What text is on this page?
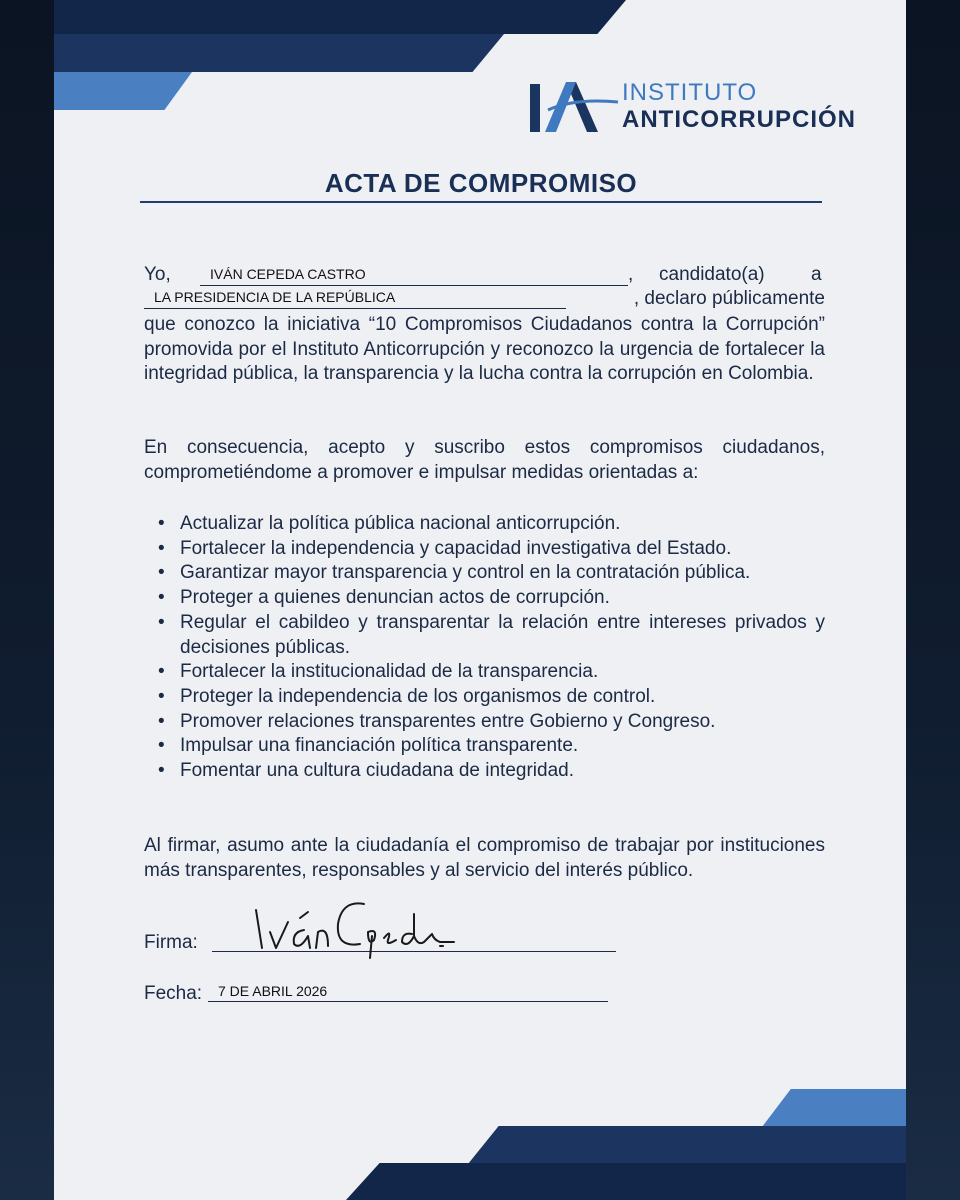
INSTITUTO
ANTICORRUPCIÓN
ACTA DE COMPROMISO
Yo,	IVÁN CEPEDA CASTRO	, candidato(a) a
LA PRESIDENCIA DE LA REPÚBLICA	, declaro públicamente
que conozco la iniciativa “10 Compromisos Ciudadanos contra la Corrupción” promovida por el Instituto Anticorrupción y reconozco la urgencia de fortalecer la integridad pública, la transparencia y la lucha contra la corrupción en Colombia.
En consecuencia, acepto y suscribo estos compromisos ciudadanos, comprometiéndome a promover e impulsar medidas orientadas a:
• Actualizar la política pública nacional anticorrupción.
• Fortalecer la independencia y capacidad investigativa del Estado.
• Garantizar mayor transparencia y control en la contratación pública.
• Proteger a quienes denuncian actos de corrupción.
• Regular el cabildeo y transparentar la relación entre intereses privados y decisiones públicas.
• Fortalecer la institucionalidad de la transparencia.
• Proteger la independencia de los organismos de control.
• Promover relaciones transparentes entre Gobierno y Congreso.
• Impulsar una financiación política transparente.
• Fomentar una cultura ciudadana de integridad.
Al firmar, asumo ante la ciudadanía el compromiso de trabajar por instituciones más transparentes, responsables y al servicio del interés público.
Firma:
Fecha:	7 DE ABRIL 2026
